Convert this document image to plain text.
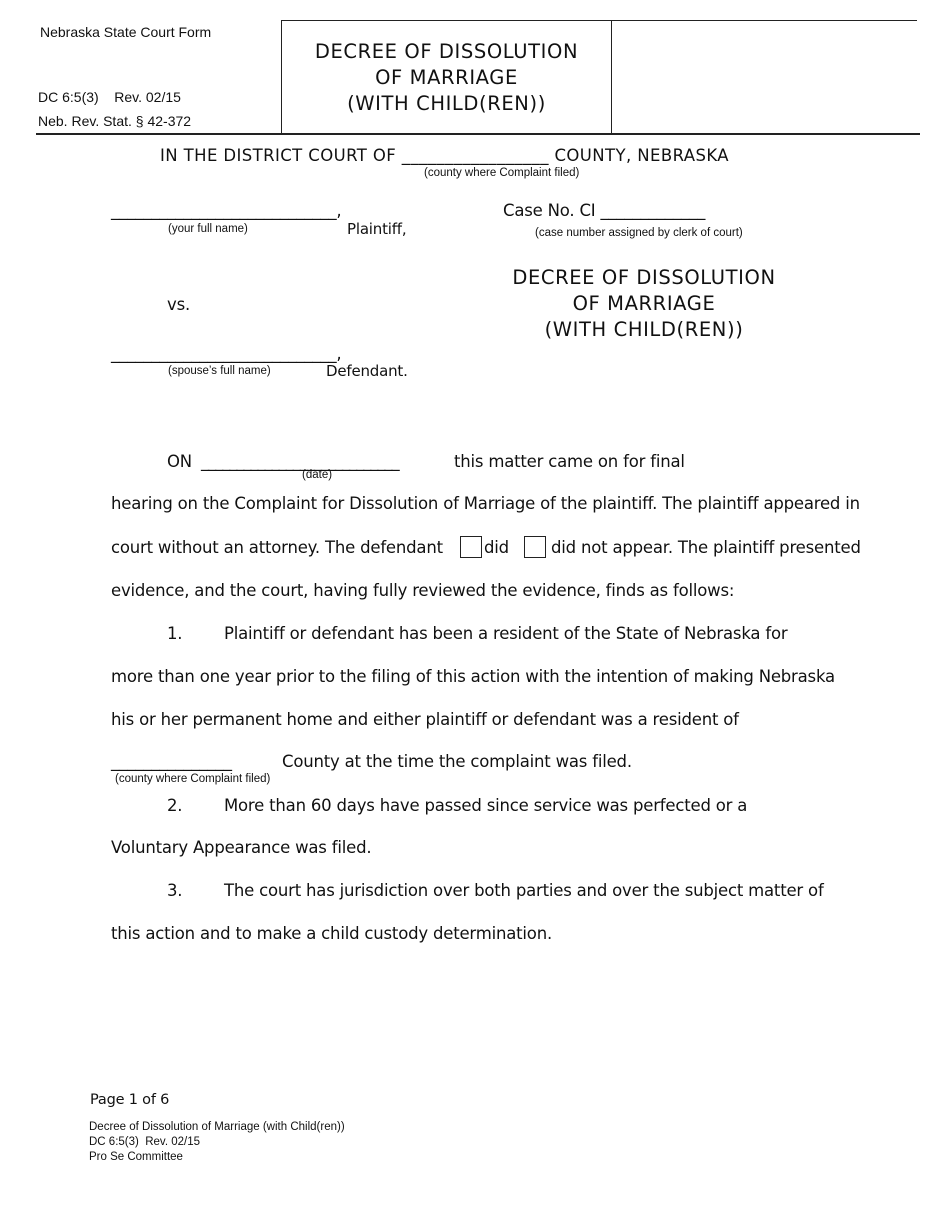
Nebraska State Court Form
DC 6:5(3)    Rev. 02/15
Neb. Rev. Stat. § 42-372
DECREE OF DISSOLUTION
OF MARRIAGE
(WITH CHILD(REN))
IN THE DISTRICT COURT OF _________________ COUNTY, NEBRASKA
(county where Complaint filed)
____________________________,
(your full name)	Plaintiff,
vs.
____________________________,
(spouse’s full name)	Defendant.
Case No. CI _____________
(case number assigned by clerk of court)
DECREE OF DISSOLUTION
OF MARRIAGE
(WITH CHILD(REN))
ON ____________________________
(date)
this matter came on for final
hearing on the Complaint for Dissolution of Marriage of the plaintiff. The plaintiff appeared in
court without an attorney. The defendant did	did not appear. The plaintiff presented
evidence, and the court, having fully reviewed the evidence, finds as follows:
1.	Plaintiff or defendant has been a resident of the State of Nebraska for
more than one year prior to the filing of this action with the intention of making Nebraska
his or her permanent home and either plaintiff or defendant was a resident of
_______________	County at the time the complaint was filed.
(county where Complaint filed)
2.	More than 60 days have passed since service was perfected or a
Voluntary Appearance was filed.
3.	The court has jurisdiction over both parties and over the subject matter of
this action and to make a child custody determination.
Page 1 of 6
Decree of Dissolution of Marriage (with Child(ren))
DC 6:5(3)  Rev. 02/15
Pro Se Committee
